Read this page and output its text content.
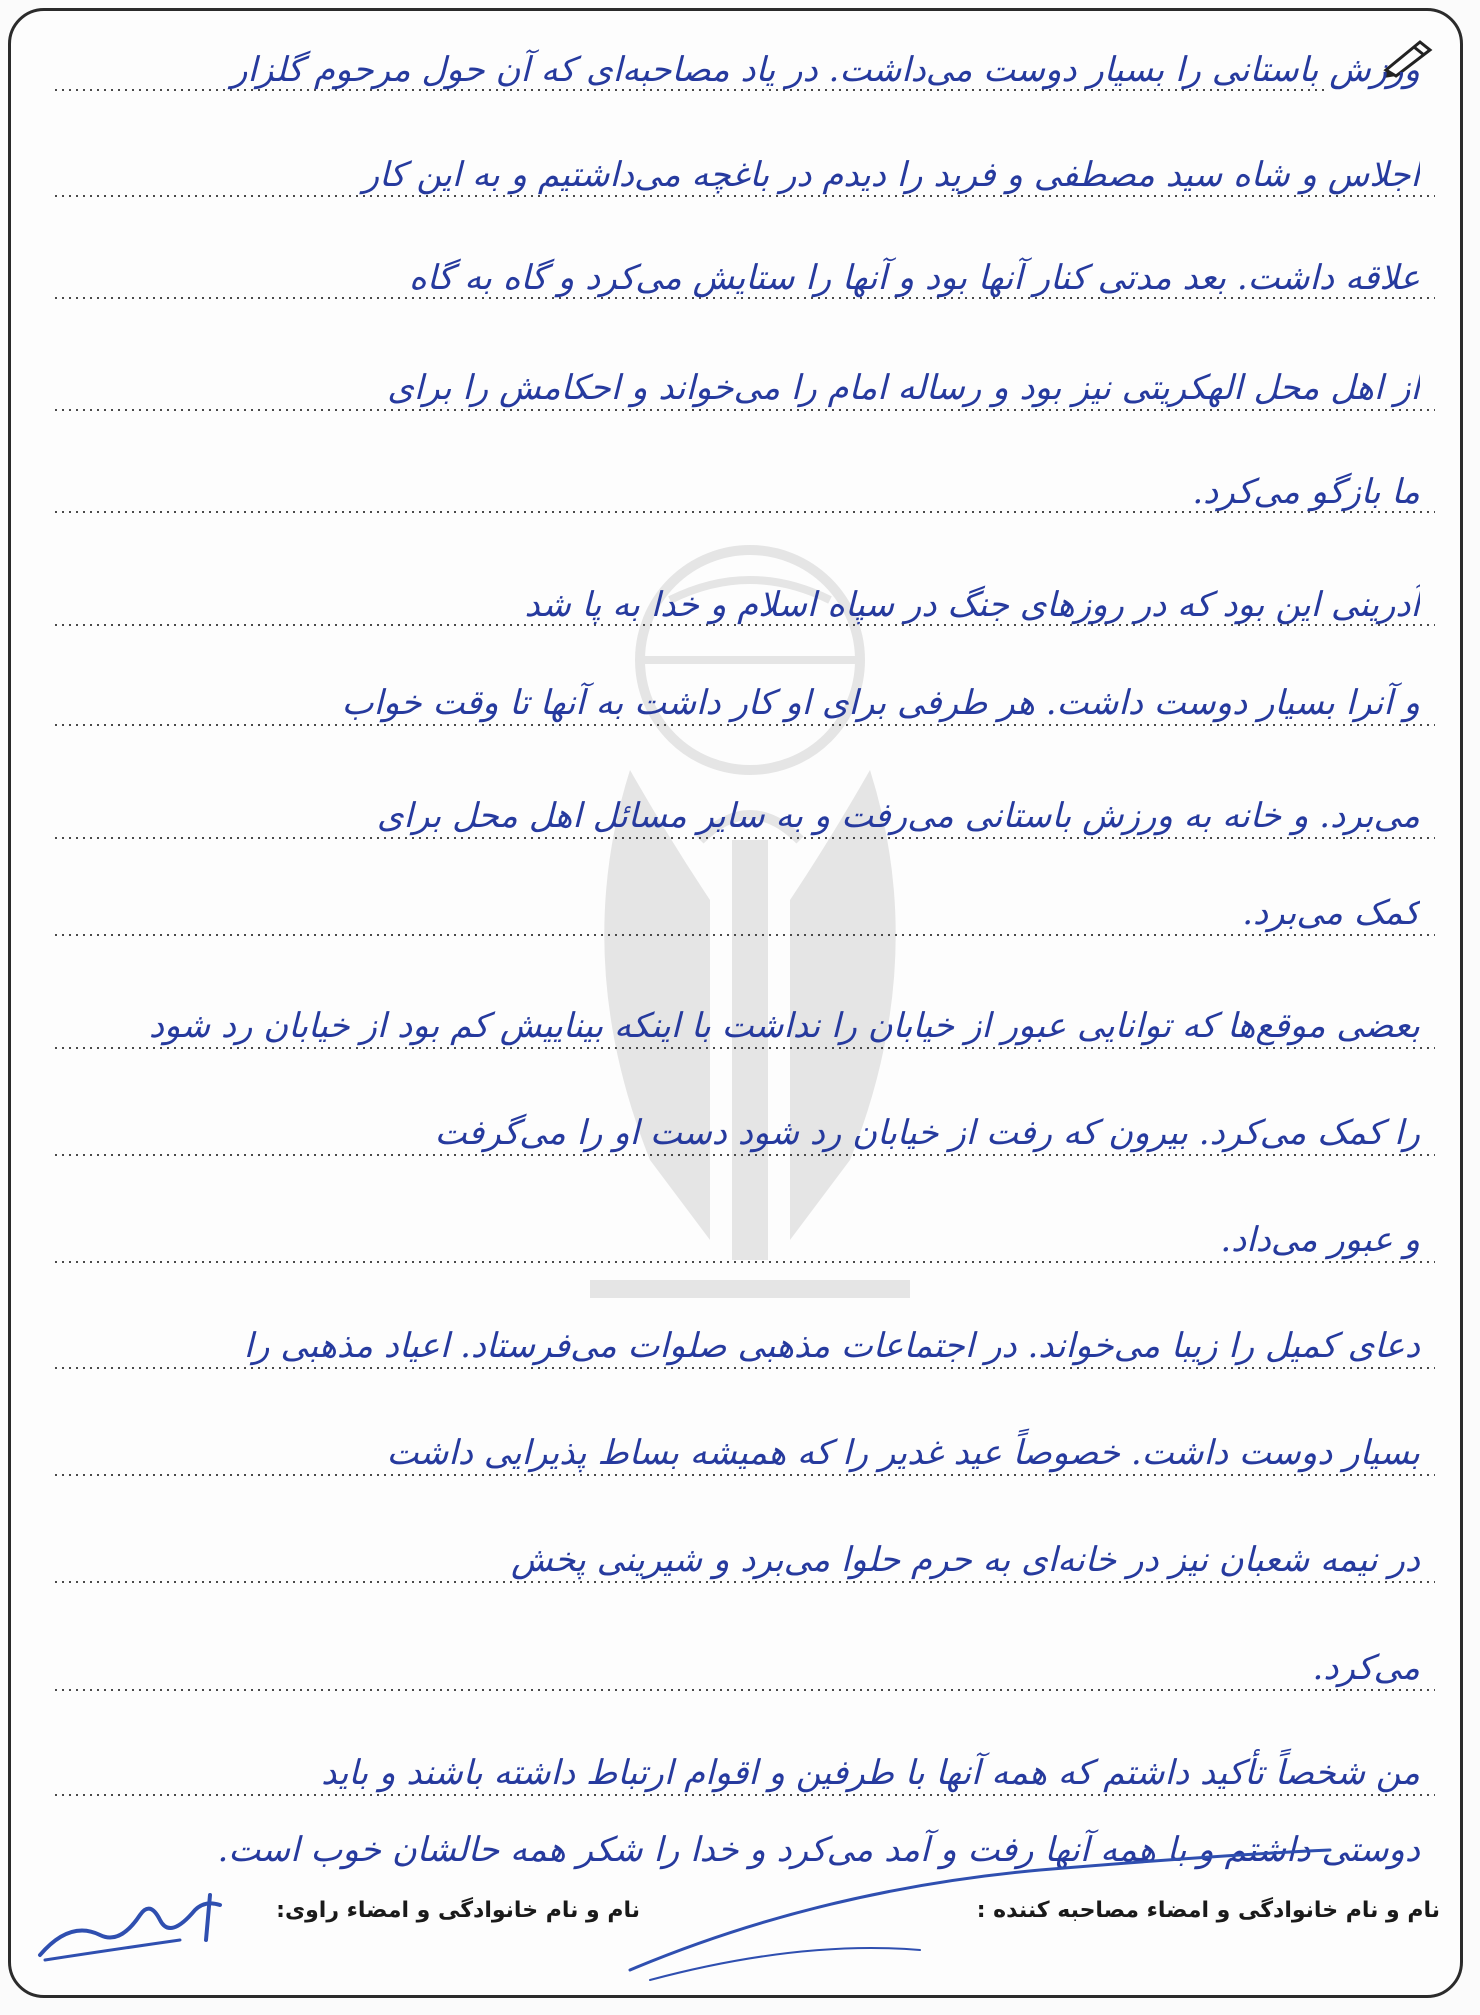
ورزش باستانی را بسیار دوست می‌داشت. در یاد مصاحبه‌ای که آن حول مرحوم گلزار
اجلاس و شاه سید مصطفی و فرید را دیدم در باغچه می‌داشتیم و به این کار
علاقه داشت. بعد مدتی کنار آنها بود و آنها را ستایش می‌کرد و گاه به گاه
از اهل محل الهکریتی نیز بود و رساله امام را می‌خواند و احکامش را برای
ما بازگو می‌کرد.
آدرینی این بود که در روزهای جنگ در سپاه اسلام و خدا به پا شد
و آنرا بسیار دوست داشت. هر طرفی برای او کار داشت به آنها تا وقت خواب
می‌برد. و خانه به ورزش باستانی می‌رفت و به سایر مسائل اهل محل برای
کمک می‌برد.
بعضی موقع‌ها که توانایی عبور از خیابان را نداشت با اینکه بیناییش کم بود از خیابان رد شود
را کمک می‌کرد. بیرون که رفت از خیابان رد شود دست او را می‌گرفت
و عبور می‌داد.
دعای کمیل را زیبا می‌خواند. در اجتماعات مذهبی صلوات می‌فرستاد. اعیاد مذهبی را
بسیار دوست داشت. خصوصاً عید غدیر را که همیشه بساط پذیرایی داشت
در نیمه شعبان نیز در خانه‌ای به حرم حلوا می‌برد و شیرینی پخش
می‌کرد.
من شخصاً تأکید داشتم که همه آنها با طرفین و اقوام ارتباط داشته باشند و باید
دوستی داشتم و با همه آنها رفت و آمد می‌کرد و خدا را شکر همه حالشان خوب است.
نام و نام خانوادگی و امضاء مصاحبه کننده :
نام و نام خانوادگی و امضاء راوی:
